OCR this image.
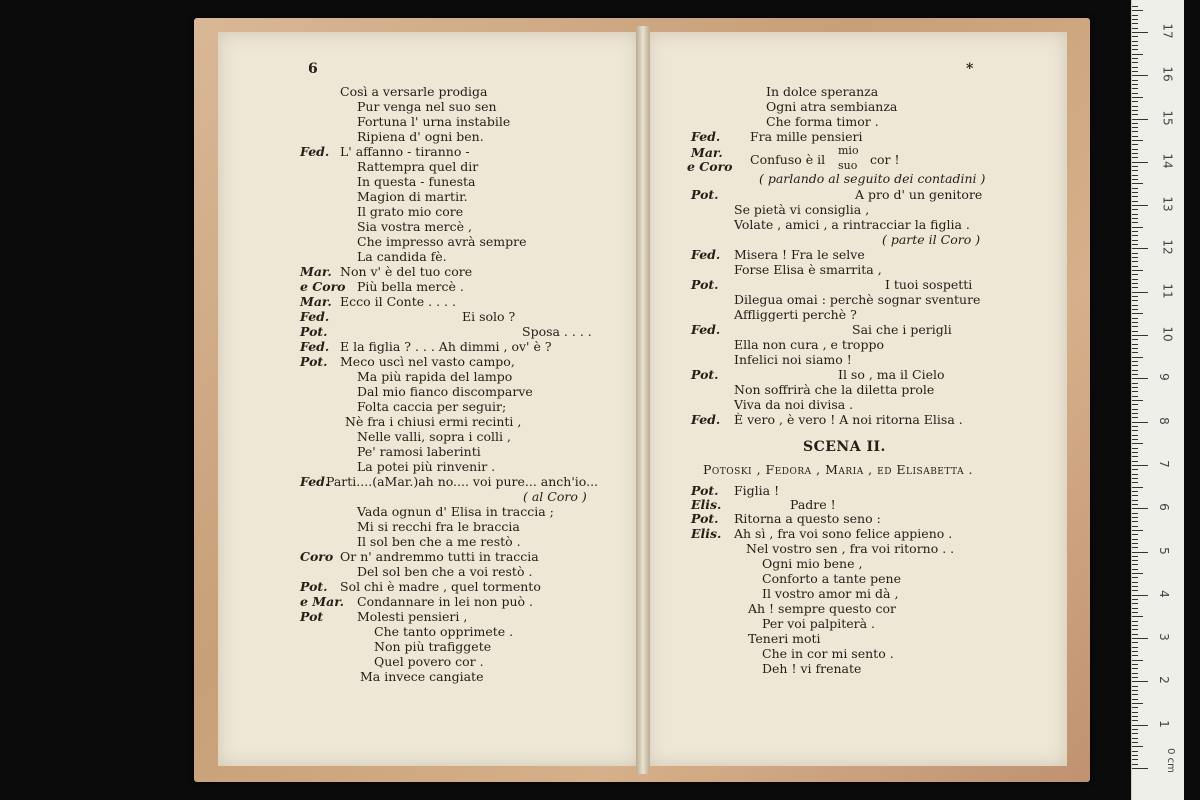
6
Così a versarle prodiga
Pur venga nel suo sen
Fortuna l' urna instabile
Ripiena d' ogni ben.
Fed. L' affanno - tiranno -
Rattempra quel dir
In questa - funesta
Magion di martir.
Il grato mio core
Sia vostra mercè ,
Che impresso avrà sempre
La candida fè.
Mar. Non v' è del tuo core
e Coro Più bella mercè .
Mar. Ecco il Conte . . . .
Fed.	Ei solo ?
Pot.	Sposa . . . .
Fed. E la figlia ? . . . Ah dimmi , ov' è ?
Pot. Meco uscì nel vasto campo,
Ma più rapida del lampo
Dal mio fianco discomparve
Folta caccia per seguir;
Nè fra i chiusi ermi recinti ,
Nelle valli, sopra i colli ,
Pe' ramosi laberinti
La potei più rinvenir .
Fed.
Parti....(aMar.)ah no.... voi pure... anch'io...
( al Coro )
Vada ognun d' Elisa in traccia ;
Mi si recchi fra le braccia
Il sol ben che a me restò .
Coro Or n' andremmo tutti in traccia
Del sol ben che a voi restò .
Pot. Sol chi è madre , quel tormento
e Mar. Condannare in lei non può .
Pot	Molesti pensieri ,
Che tanto opprimete .
Non più trafiggete
Quel povero cor .
Ma invece cangiate
*
In dolce speranza
Ogni atra sembianza
Che forma timor .
Fed. Fra mille pensieri
Mar.
e Coro Confuso è il
mio
suo cor !
( parlando al seguito dei contadini )
Pot.	A pro d' un genitore
Se pietà vi consiglia ,
Volate , amici , a rintracciar la figlia .
( parte il Coro )
Fed. Misera ! Fra le selve
Forse Elisa è smarrita ,
Pot.	I tuoi sospetti
Dilegua omai : perchè sognar sventure
Affliggerti perchè ?
Fed.	Sai che i perigli
Ella non cura , e troppo
Infelici noi siamo !
Pot.	Il so , ma il Cielo
Non soffrirà che la diletta prole
Viva da noi divisa .
Fed. È vero , è vero ! A noi ritorna Elisa .
SCENA II.
Potoski , Fedora , Maria , ed Elisabetta .
Pot. Figlia !
Elis.	Padre !
Pot. Ritorna a questo seno :
Elis. Ah sì , fra voi sono felice appieno .
Nel vostro sen , fra voi ritorno . .
Ogni mio bene ,
Conforto a tante pene
Il vostro amor mi dà ,
Ah ! sempre questo cor
Per voi palpiterà .
Teneri moti
Che in cor mi sento .
Deh ! vi frenate
1
2
3
4
5
6
7
8
9
10
11
12
13
14
15
16
17
0 cm
